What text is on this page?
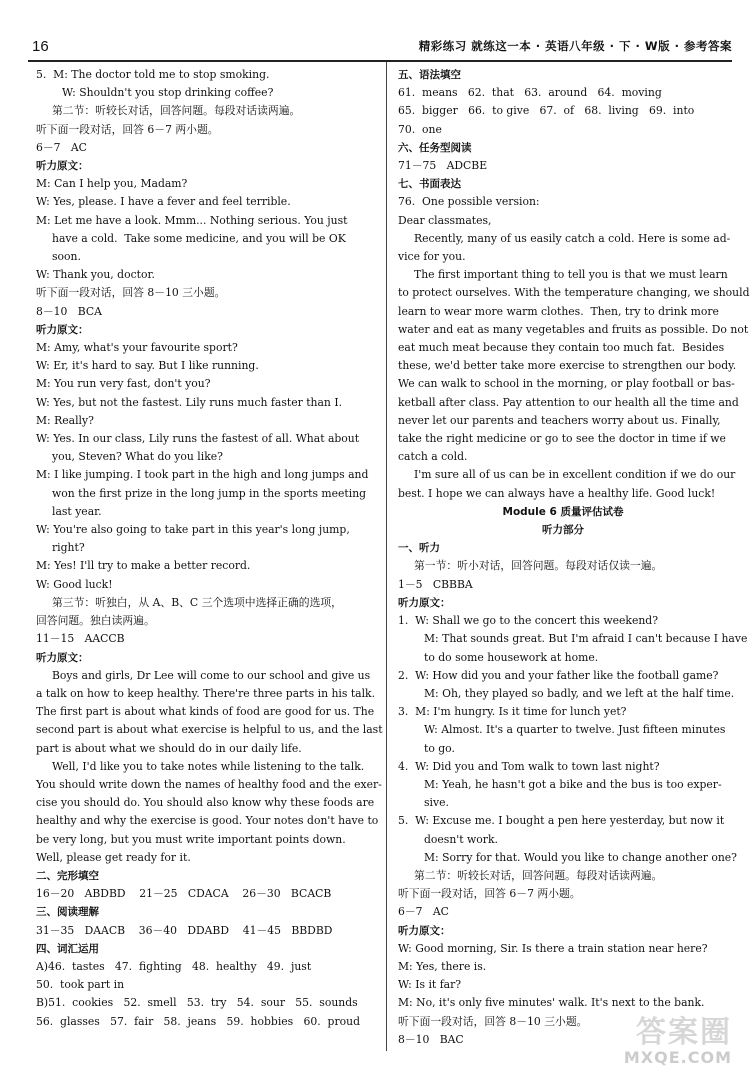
16	精彩练习 就练这一本 · 英语八年级 · 下 · W版 · 参考答案
5.  M: The doctor told me to stop smoking.
W: Shouldn't you stop drinking coffee?
第二节：听较长对话，回答问题。每段对话读两遍。
听下面一段对话，回答 6－7 两小题。
6－7   AC
听力原文：
M: Can I help you, Madam?
W: Yes, please. I have a fever and feel terrible.
M: Let me have a look. Mmm... Nothing serious. You just
have a cold.  Take some medicine, and you will be OK
soon.
W: Thank you, doctor.
听下面一段对话，回答 8－10 三小题。
8－10   BCA
听力原文：
M: Amy, what's your favourite sport?
W: Er, it's hard to say. But I like running.
M: You run very fast, don't you?
W: Yes, but not the fastest. Lily runs much faster than I.
M: Really?
W: Yes. In our class, Lily runs the fastest of all. What about
you, Steven? What do you like?
M: I like jumping. I took part in the high and long jumps and
won the first prize in the long jump in the sports meeting
last year.
W: You're also going to take part in this year's long jump,
right?
M: Yes! I'll try to make a better record.
W: Good luck!
第三节：听独白，从 A、B、C 三个选项中选择正确的选项，
回答问题。独白读两遍。
11－15   AACCB
听力原文：
Boys and girls, Dr Lee will come to our school and give us
a talk on how to keep healthy. There're three parts in his talk.
The first part is about what kinds of food are good for us. The
second part is about what exercise is helpful to us, and the last
part is about what we should do in our daily life.
Well, I'd like you to take notes while listening to the talk.
You should write down the names of healthy food and the exer-
cise you should do. You should also know why these foods are
healthy and why the exercise is good. Your notes don't have to
be very long, but you must write important points down.
Well, please get ready for it.
二、完形填空
16－20   ABDBD    21－25   CDACA    26－30   BCACB
三、阅读理解
31－35   DAACB    36－40   DDABD    41－45   BBDBD
四、词汇运用
A)46.  tastes   47.  fighting   48.  healthy   49.  just
50.  took part in
B)51.  cookies   52.  smell   53.  try   54.  sour   55.  sounds
56.  glasses   57.  fair   58.  jeans   59.  hobbies   60.  proud
五、语法填空
61.  means   62.  that   63.  around   64.  moving
65.  bigger   66.  to give   67.  of   68.  living   69.  into
70.  one
六、任务型阅读
71－75   ADCBE
七、书面表达
76.  One possible version:
Dear classmates,
Recently, many of us easily catch a cold. Here is some ad-
vice for you.
The first important thing to tell you is that we must learn
to protect ourselves. With the temperature changing, we should
learn to wear more warm clothes.  Then, try to drink more
water and eat as many vegetables and fruits as possible. Do not
eat much meat because they contain too much fat.  Besides
these, we'd better take more exercise to strengthen our body.
We can walk to school in the morning, or play football or bas-
ketball after class. Pay attention to our health all the time and
never let our parents and teachers worry about us. Finally,
take the right medicine or go to see the doctor in time if we
catch a cold.
I'm sure all of us can be in excellent condition if we do our
best. I hope we can always have a healthy life. Good luck!
Module 6 质量评估试卷
听力部分
一、听力
第一节：听小对话，回答问题。每段对话仅读一遍。
1－5   CBBBA
听力原文：
1.  W: Shall we go to the concert this weekend?
M: That sounds great. But I'm afraid I can't because I have
to do some housework at home.
2.  W: How did you and your father like the football game?
M: Oh, they played so badly, and we left at the half time.
3.  M: I'm hungry. Is it time for lunch yet?
W: Almost. It's a quarter to twelve. Just fifteen minutes
to go.
4.  W: Did you and Tom walk to town last night?
M: Yeah, he hasn't got a bike and the bus is too exper-
sive.
5.  W: Excuse me. I bought a pen here yesterday, but now it
doesn't work.
M: Sorry for that. Would you like to change another one?
第二节：听较长对话，回答问题。每段对话读两遍。
听下面一段对话，回答 6－7 两小题。
6－7   AC
听力原文：
W: Good morning, Sir. Is there a train station near here?
M: Yes, there is.
W: Is it far?
M: No, it's only five minutes' walk. It's next to the bank.
听下面一段对话，回答 8－10 三小题。
8－10   BAC	答案圈
MXQE.COM
